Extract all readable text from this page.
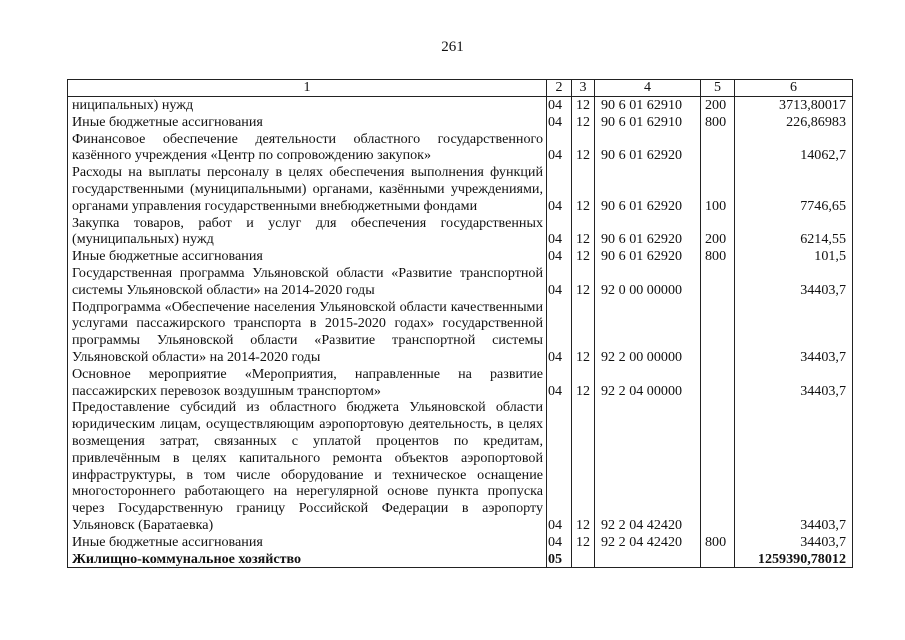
261
1	2	3	4	5	6
ниципальных) нужд	04	12	90 6 01 62910	200	3713,80017
Иные бюджетные ассигнования	04	12	90 6 01 62910	800	226,86983
Финансовое обеспечение деятельности областного государственного казённого учреждения «Центр по сопровождению закупок»	04	12	90 6 01 62920		14062,7
Расходы на выплаты персоналу в целях обеспечения выполнения функций государственными (муниципальными) органами, казёнными учреждениями, органами управления государственными внебюджетными фондами	04	12	90 6 01 62920	100	7746,65
Закупка товаров, работ и услуг для обеспечения государственных (муниципальных) нужд	04	12	90 6 01 62920	200	6214,55
Иные бюджетные ассигнования	04	12	90 6 01 62920	800	101,5
Государственная программа Ульяновской области «Развитие транспортной системы Ульяновской области» на 2014-2020 годы	04	12	92 0 00 00000		34403,7
Подпрограмма «Обеспечение населения Ульяновской области качественными услугами пассажирского транспорта в 2015-2020 годах» государственной программы Ульяновской области «Развитие транспортной системы Ульяновской области» на 2014-2020 годы	04	12	92 2 00 00000		34403,7
Основное мероприятие «Мероприятия, направленные на развитие пассажирских перевозок воздушным транспортом»	04	12	92 2 04 00000		34403,7
Предоставление субсидий из областного бюджета Ульяновской области юридическим лицам, осуществляющим аэропортовую деятельность, в целях возмещения затрат, связанных с уплатой процентов по кредитам, привлечённым в целях капитального ремонта объектов аэропортовой инфраструктуры, в том числе оборудование и техническое оснащение многостороннего работающего на нерегулярной основе пункта пропуска через Государственную границу Российской Федерации в аэропорту Ульяновск (Баратаевка)	04	12	92 2 04 42420		34403,7
Иные бюджетные ассигнования	04	12	92 2 04 42420	800	34403,7
Жилищно-коммунальное хозяйство	05				1259390,78012
